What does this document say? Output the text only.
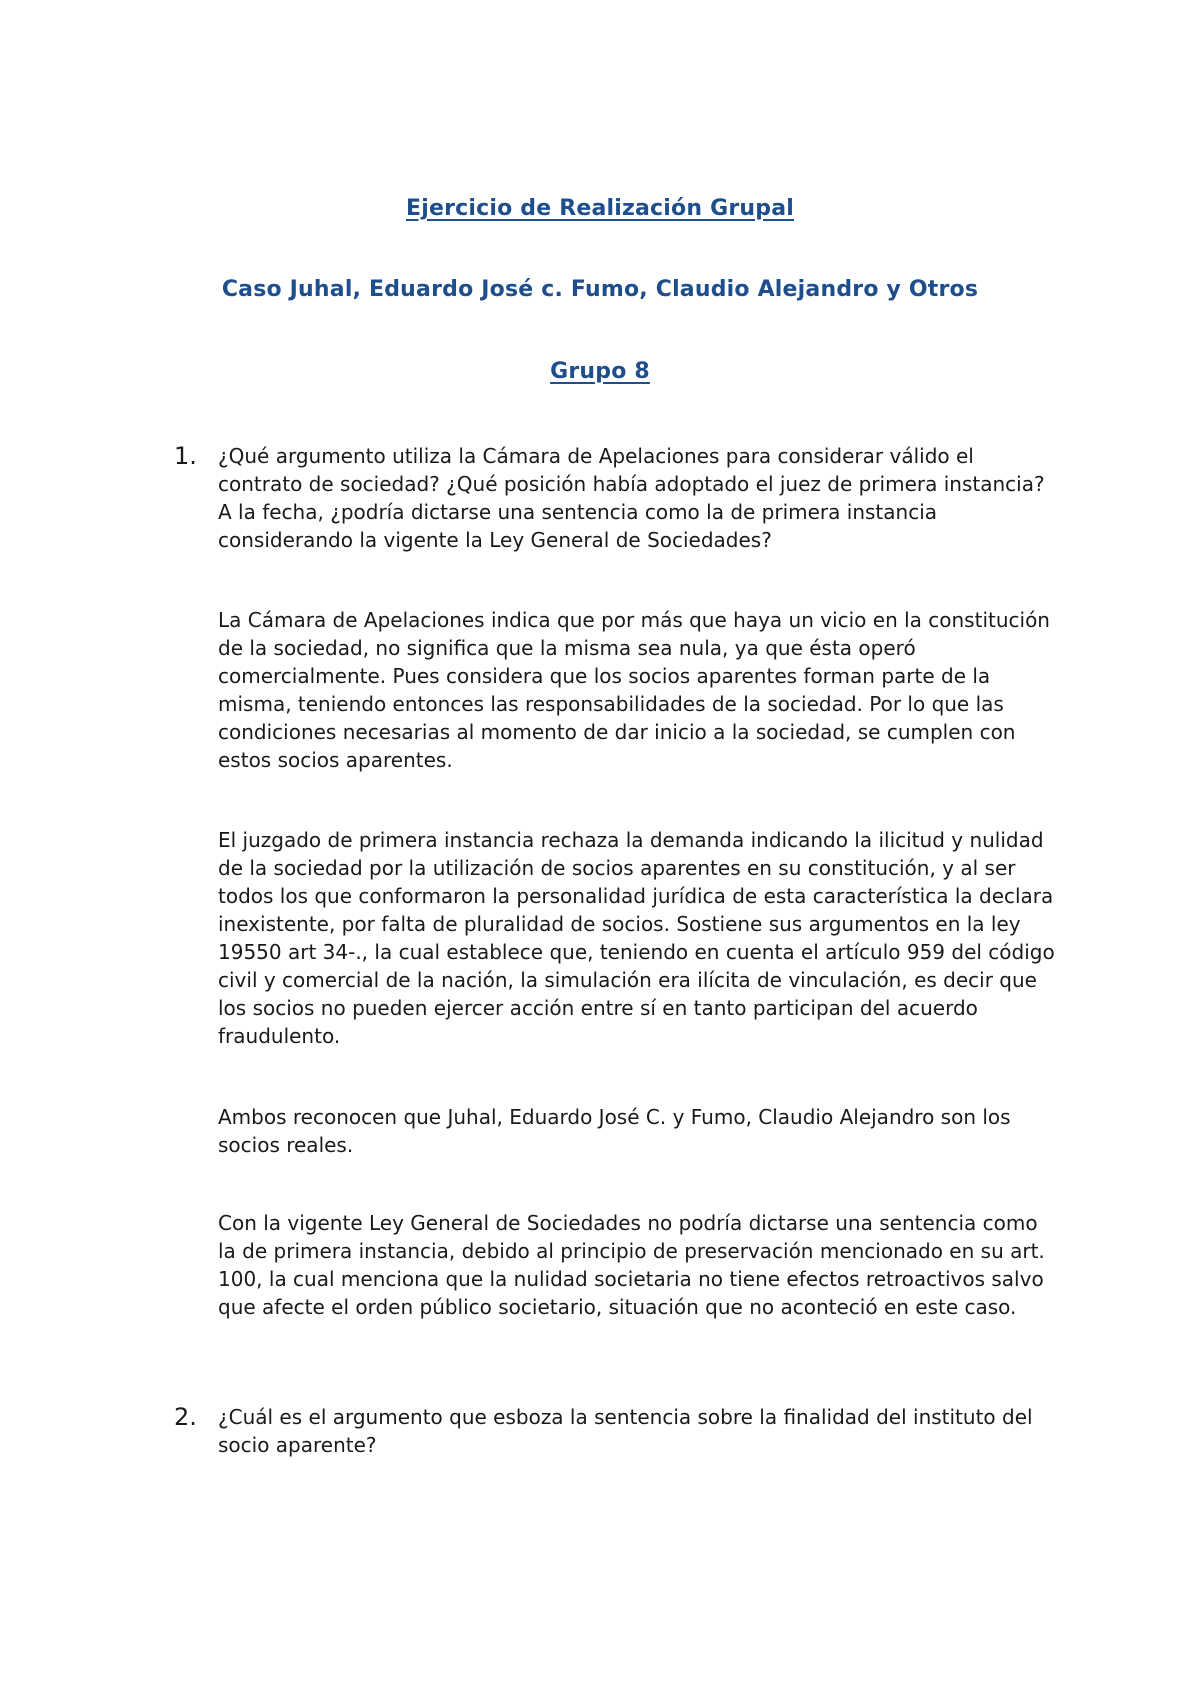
Ejercicio de Realización Grupal
Caso Juhal, Eduardo José c. Fumo, Claudio Alejandro y Otros
Grupo 8
1.	¿Qué argumento utiliza la Cámara de Apelaciones para considerar válido el contrato de sociedad? ¿Qué posición había adoptado el juez de primera instancia? A la fecha, ¿podría dictarse una sentencia como la de primera instancia considerando la vigente la Ley General de Sociedades?

La Cámara de Apelaciones indica que por más que haya un vicio en la constitución de la sociedad, no significa que la misma sea nula, ya que ésta operó comercialmente. Pues considera que los socios aparentes forman parte de la misma, teniendo entonces las responsabilidades de la sociedad. Por lo que las condiciones necesarias al momento de dar inicio a la sociedad, se cumplen con estos socios aparentes.

El juzgado de primera instancia rechaza la demanda indicando la ilicitud y nulidad de la sociedad por la utilización de socios aparentes en su constitución, y al ser todos los que conformaron la personalidad jurídica de esta característica la declara inexistente, por falta de pluralidad de socios. Sostiene sus argumentos en la ley 19550 art 34-., la cual establece que, teniendo en cuenta el artículo 959 del código civil y comercial de la nación, la simulación era ilícita de vinculación, es decir que los socios no pueden ejercer acción entre sí en tanto participan del acuerdo fraudulento.

Ambos reconocen que Juhal, Eduardo José C. y Fumo, Claudio Alejandro son los socios reales.

Con la vigente Ley General de Sociedades no podría dictarse una sentencia como la de primera instancia, debido al principio de preservación mencionado en su art. 100, la cual menciona que la nulidad societaria no tiene efectos retroactivos salvo que afecte el orden público societario, situación que no aconteció en este caso.

2.	¿Cuál es el argumento que esboza la sentencia sobre la finalidad del instituto del socio aparente?
